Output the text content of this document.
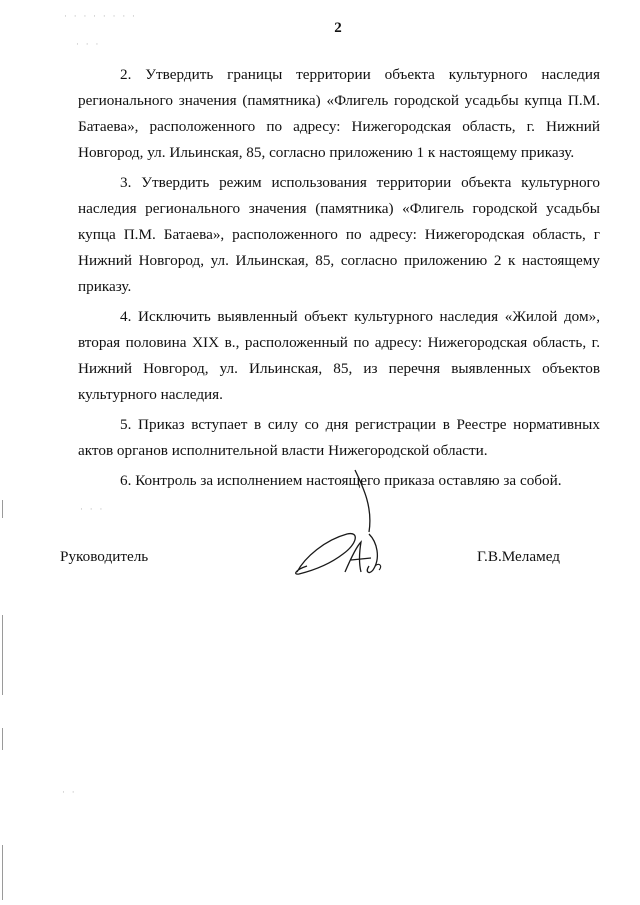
2

2. Утвердить границы территории объекта культурного наследия регионального значения (памятника) «Флигель городской усадьбы купца П.М. Батаева», расположенного по адресу: Нижегородская область, г. Нижний Новгород, ул. Ильинская, 85, согласно приложению 1 к настоящему приказу.

3. Утвердить режим использования территории объекта культурного наследия регионального значения (памятника) «Флигель городской усадьбы купца П.М. Батаева», расположенного по адресу: Нижегородская область, г Нижний Новгород, ул. Ильинская, 85, согласно приложению 2 к настоящему приказу.

4. Исключить выявленный объект культурного наследия «Жилой дом», вторая половина XIX в., расположенный по адресу: Нижегородская область, г. Нижний Новгород, ул. Ильинская, 85, из перечня выявленных объектов культурного наследия.

5. Приказ вступает в силу со дня регистрации в Реестре нормативных актов органов исполнительной власти Нижегородской области.

6. Контроль за исполнением настоящего приказа оставляю за собой.

Руководитель	Г.В.Меламед
· · · · · · · ·
· · ·
· · ·
· ·
